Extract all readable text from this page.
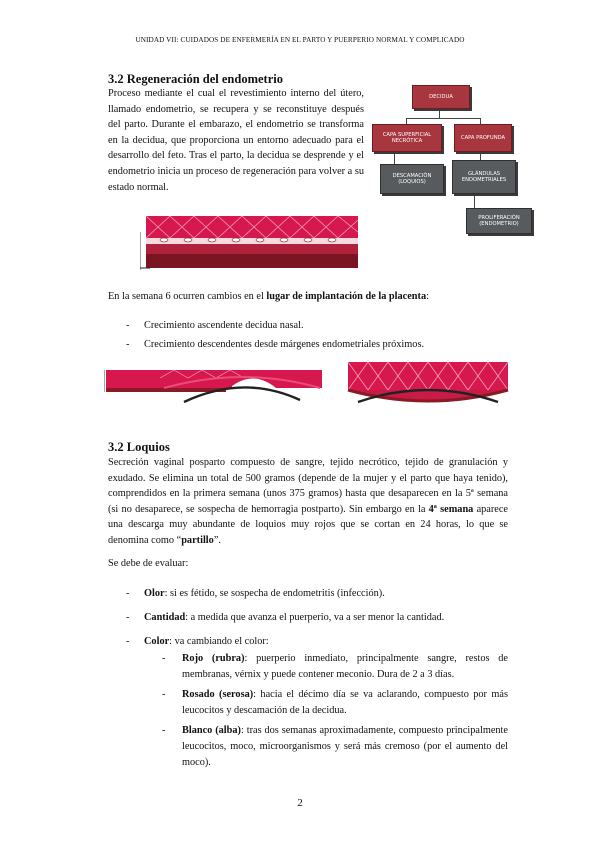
UNIDAD VII: CUIDADOS DE ENFERMERÍA EN EL PARTO Y PUERPERIO NORMAL Y COMPLICADO
3.2 Regeneración del endometrio

Proceso mediante el cual el revestimiento interno del útero, llamado endometrio, se recupera y se reconstituye después del parto. Durante el embarazo, el endometrio se transforma en la decidua, que proporciona un entorno adecuado para el desarrollo del feto. Tras el parto, la decidua se desprende y el endometrio inicia un proceso de regeneración para volver a su estado normal.

DECIDUA
CAPA SUPERFICIAL NECRÓTICA
DESCAMACIÓN (LOQUIOS)
CAPA PROFUNDA
GLÁNDULAS ENDOMETRIALES
PROLIFERACIÓN (ENDOMETRIO)

En la semana 6 ocurren cambios en el lugar de implantación de la placenta:

- Crecimiento ascendente decidua nasal.
- Crecimiento descendentes desde márgenes endometriales próximos.
3.2 Loquios

Secreción vaginal posparto compuesto de sangre, tejido necrótico, tejido de granulación y exudado. Se elimina un total de 500 gramos (depende de la mujer y el parto que haya tenido), comprendidos en la primera semana (unos 375 gramos) hasta que desaparecen en la 5ª semana (si no desaparece, se sospecha de hemorragia postparto). Sin embargo en la 4ª semana aparece una descarga muy abundante de loquios muy rojos que se cortan en 24 horas, lo que se denomina como “partillo”.

Se debe de evaluar:

- Olor: si es fétido, se sospecha de endometritis (infección).
- Cantidad: a medida que avanza el puerperio, va a ser menor la cantidad.
- Color: va cambiando el color:
- Rojo (rubra): puerperio inmediato, principalmente sangre, restos de membranas, vérnix y puede contener meconio. Dura de 2 a 3 días.
- Rosado (serosa): hacia el décimo día se va aclarando, compuesto por más leucocitos y descamación de la decidua.
- Blanco (alba): tras dos semanas aproximadamente, compuesto principalmente leucocitos, moco, microorganismos y será más cremoso (por el aumento del moco).
2
